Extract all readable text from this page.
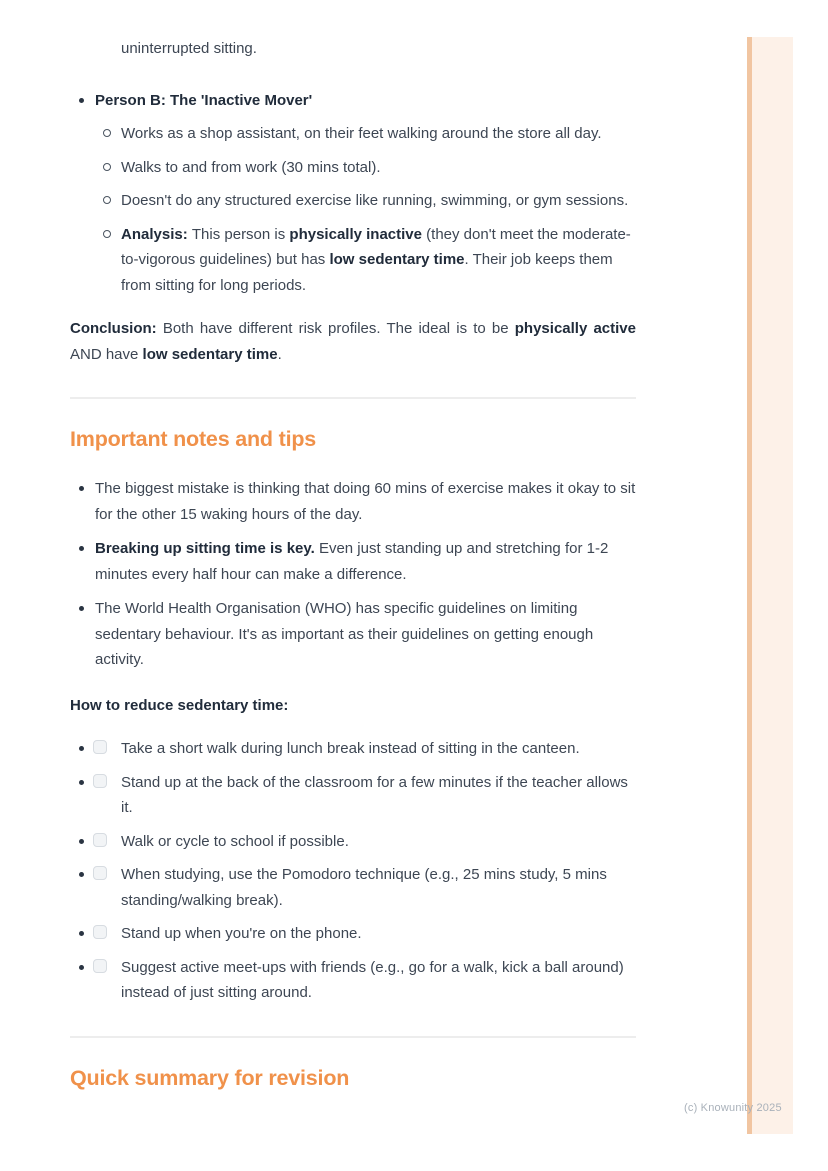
uninterrupted sitting.

Person B: The 'Inactive Mover'
Works as a shop assistant, on their feet walking around the store all day.
Walks to and from work (30 mins total).
Doesn't do any structured exercise like running, swimming, or gym sessions.
Analysis: This person is physically inactive (they don't meet the moderate-to-vigorous guidelines) but has low sedentary time. Their job keeps them from sitting for long periods.

Conclusion: Both have different risk profiles. The ideal is to be physically active AND have low sedentary time.

Important notes and tips
The biggest mistake is thinking that doing 60 mins of exercise makes it okay to sit for the other 15 waking hours of the day.
Breaking up sitting time is key. Even just standing up and stretching for 1-2 minutes every half hour can make a difference.
The World Health Organisation (WHO) has specific guidelines on limiting sedentary behaviour. It's as important as their guidelines on getting enough activity.
How to reduce sedentary time:
Take a short walk during lunch break instead of sitting in the canteen.
Stand up at the back of the classroom for a few minutes if the teacher allows it.
Walk or cycle to school if possible.
When studying, use the Pomodoro technique (e.g., 25 mins study, 5 mins standing/walking break).
Stand up when you're on the phone.
Suggest active meet-ups with friends (e.g., go for a walk, kick a ball around) instead of just sitting around.
Quick summary for revision
(c) Knowunity 2025
